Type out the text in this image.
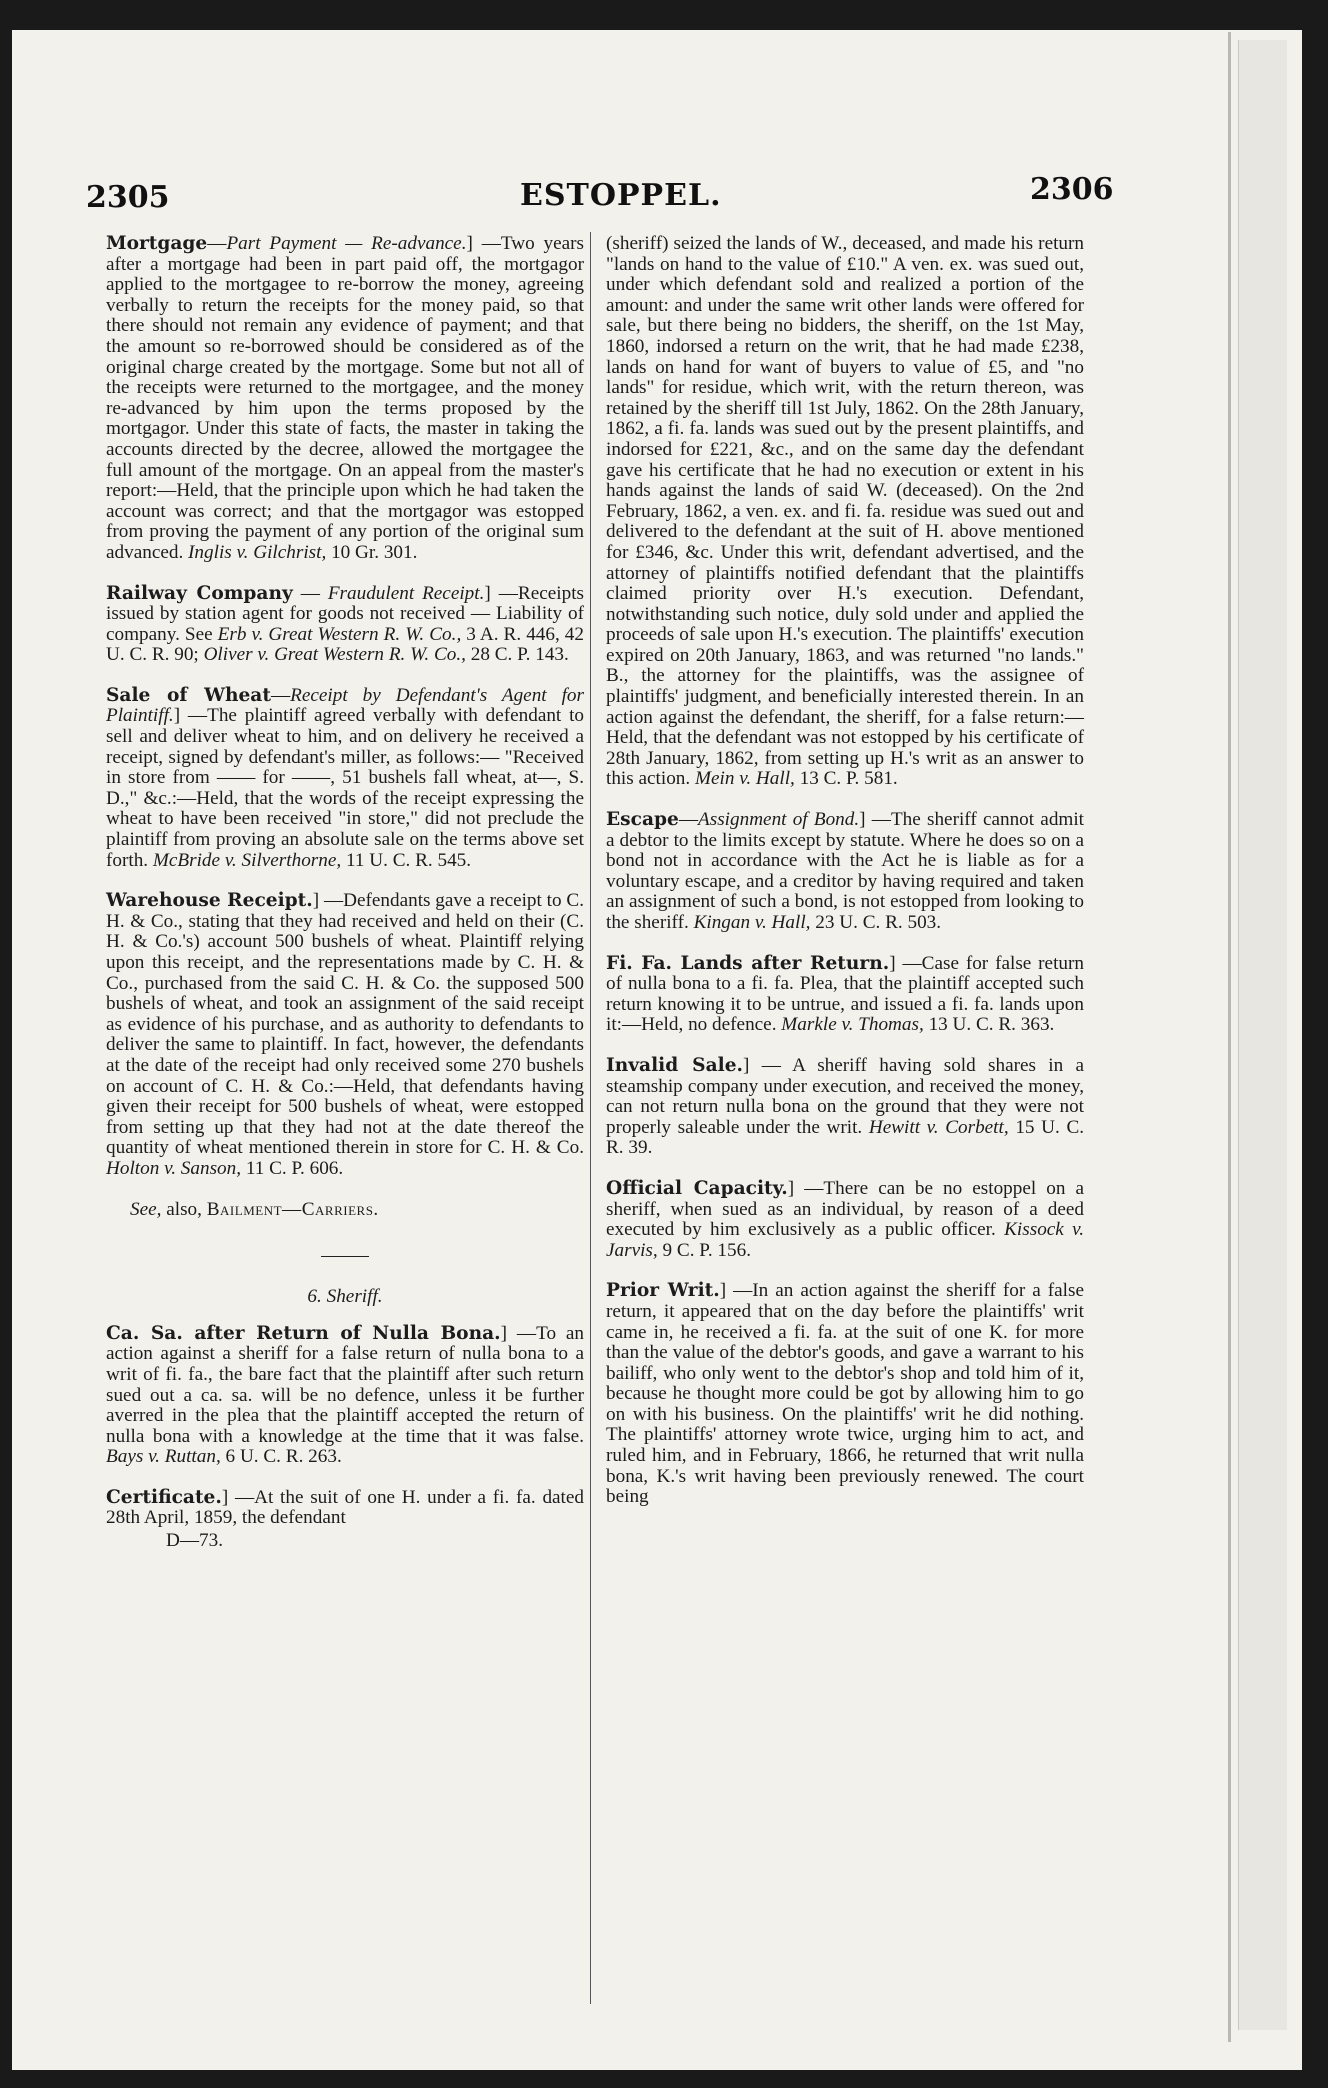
2305	ESTOPPEL.	2306

Mortgage—Part Payment — Re-advance.] —Two years after a mortgage had been in part paid off, the mortgagor applied to the mortgagee to re-borrow the money, agreeing verbally to return the receipts for the money paid, so that there should not remain any evidence of payment; and that the amount so re-borrowed should be considered as of the original charge created by the mortgage. Some but not all of the receipts were returned to the mortgagee, and the money re-advanced by him upon the terms proposed by the mortgagor. Under this state of facts, the master in taking the accounts directed by the decree, allowed the mortgagee the full amount of the mortgage. On an appeal from the master's report:—Held, that the principle upon which he had taken the account was correct; and that the mortgagor was estopped from proving the payment of any portion of the original sum advanced. Inglis v. Gilchrist, 10 Gr. 301.

Railway Company — Fraudulent Receipt.] —Receipts issued by station agent for goods not received — Liability of company. See Erb v. Great Western R. W. Co., 3 A. R. 446, 42 U. C. R. 90; Oliver v. Great Western R. W. Co., 28 C. P. 143.

Sale of Wheat—Receipt by Defendant's Agent for Plaintiff.] —The plaintiff agreed verbally with defendant to sell and deliver wheat to him, and on delivery he received a receipt, signed by defendant's miller, as follows:— "Received in store from —— for ——, 51 bushels fall wheat, at—, S. D.," &c.:—Held, that the words of the receipt expressing the wheat to have been received "in store," did not preclude the plaintiff from proving an absolute sale on the terms above set forth. McBride v. Silverthorne, 11 U. C. R. 545.

Warehouse Receipt.] —Defendants gave a receipt to C. H. & Co., stating that they had received and held on their (C. H. & Co.'s) account 500 bushels of wheat. Plaintiff relying upon this receipt, and the representations made by C. H. & Co., purchased from the said C. H. & Co. the supposed 500 bushels of wheat, and took an assignment of the said receipt as evidence of his purchase, and as authority to defendants to deliver the same to plaintiff. In fact, however, the defendants at the date of the receipt had only received some 270 bushels on account of C. H. & Co.:—Held, that defendants having given their receipt for 500 bushels of wheat, were estopped from setting up that they had not at the date thereof the quantity of wheat mentioned therein in store for C. H. & Co. Holton v. Sanson, 11 C. P. 606.

See, also, Bailment—Carriers.

6. Sheriff.

Ca. Sa. after Return of Nulla Bona.] —To an action against a sheriff for a false return of nulla bona to a writ of fi. fa., the bare fact that the plaintiff after such return sued out a ca. sa. will be no defence, unless it be further averred in the plea that the plaintiff accepted the return of nulla bona with a knowledge at the time that it was false. Bays v. Ruttan, 6 U. C. R. 263.

Certificate.] —At the suit of one H. under a fi. fa. dated 28th April, 1859, the defendant

D—73.

(sheriff) seized the lands of W., deceased, and made his return "lands on hand to the value of £10." A ven. ex. was sued out, under which defendant sold and realized a portion of the amount: and under the same writ other lands were offered for sale, but there being no bidders, the sheriff, on the 1st May, 1860, indorsed a return on the writ, that he had made £238, lands on hand for want of buyers to value of £5, and "no lands" for residue, which writ, with the return thereon, was retained by the sheriff till 1st July, 1862. On the 28th January, 1862, a fi. fa. lands was sued out by the present plaintiffs, and indorsed for £221, &c., and on the same day the defendant gave his certificate that he had no execution or extent in his hands against the lands of said W. (deceased). On the 2nd February, 1862, a ven. ex. and fi. fa. residue was sued out and delivered to the defendant at the suit of H. above mentioned for £346, &c. Under this writ, defendant advertised, and the attorney of plaintiffs notified defendant that the plaintiffs claimed priority over H.'s execution. Defendant, notwithstanding such notice, duly sold under and applied the proceeds of sale upon H.'s execution. The plaintiffs' execution expired on 20th January, 1863, and was returned "no lands." B., the attorney for the plaintiffs, was the assignee of plaintiffs' judgment, and beneficially interested therein. In an action against the defendant, the sheriff, for a false return:—Held, that the defendant was not estopped by his certificate of 28th January, 1862, from setting up H.'s writ as an answer to this action. Mein v. Hall, 13 C. P. 581.

Escape—Assignment of Bond.] —The sheriff cannot admit a debtor to the limits except by statute. Where he does so on a bond not in accordance with the Act he is liable as for a voluntary escape, and a creditor by having required and taken an assignment of such a bond, is not estopped from looking to the sheriff. Kingan v. Hall, 23 U. C. R. 503.

Fi. Fa. Lands after Return.] —Case for false return of nulla bona to a fi. fa. Plea, that the plaintiff accepted such return knowing it to be untrue, and issued a fi. fa. lands upon it:—Held, no defence. Markle v. Thomas, 13 U. C. R. 363.

Invalid Sale.] — A sheriff having sold shares in a steamship company under execution, and received the money, can not return nulla bona on the ground that they were not properly saleable under the writ. Hewitt v. Corbett, 15 U. C. R. 39.

Official Capacity.] —There can be no estoppel on a sheriff, when sued as an individual, by reason of a deed executed by him exclusively as a public officer. Kissock v. Jarvis, 9 C. P. 156.

Prior Writ.] —In an action against the sheriff for a false return, it appeared that on the day before the plaintiffs' writ came in, he received a fi. fa. at the suit of one K. for more than the value of the debtor's goods, and gave a warrant to his bailiff, who only went to the debtor's shop and told him of it, because he thought more could be got by allowing him to go on with his business. On the plaintiffs' writ he did nothing. The plaintiffs' attorney wrote twice, urging him to act, and ruled him, and in February, 1866, he returned that writ nulla bona, K.'s writ having been previously renewed. The court being
